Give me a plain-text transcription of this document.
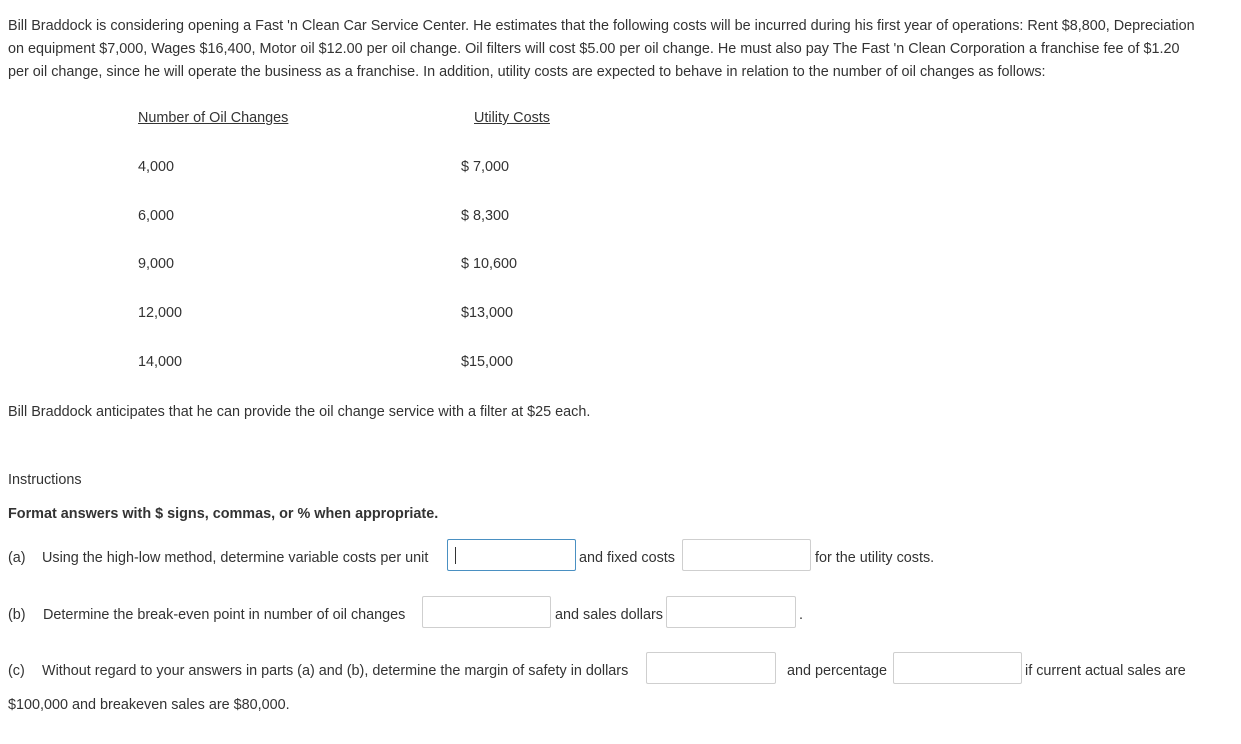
Bill Braddock is considering opening a Fast 'n Clean Car Service Center. He estimates that the following costs will be incurred during his first year of operations: Rent $8,800, Depreciation
on equipment $7,000, Wages $16,400, Motor oil $12.00 per oil change. Oil filters will cost $5.00 per oil change. He must also pay The Fast 'n Clean Corporation a franchise fee of $1.20
per oil change, since he will operate the business as a franchise. In addition, utility costs are expected to behave in relation to the number of oil changes as follows:
Number of Oil Changes	Utility Costs
4,000	$ 7,000
6,000	$ 8,300
9,000	$ 10,600
12,000	$13,000
14,000	$15,000
Bill Braddock anticipates that he can provide the oil change service with a filter at $25 each.
Instructions
Format answers with $ signs, commas, or % when appropriate.
(a) Using the high-low method, determine variable costs per unit	and fixed costs	for the utility costs.
(b) Determine the break-even point in number of oil changes	and sales dollars	.
(c) Without regard to your answers in parts (a) and (b), determine the margin of safety in dollars	and percentage	if current actual sales are
$100,000 and breakeven sales are $80,000.
